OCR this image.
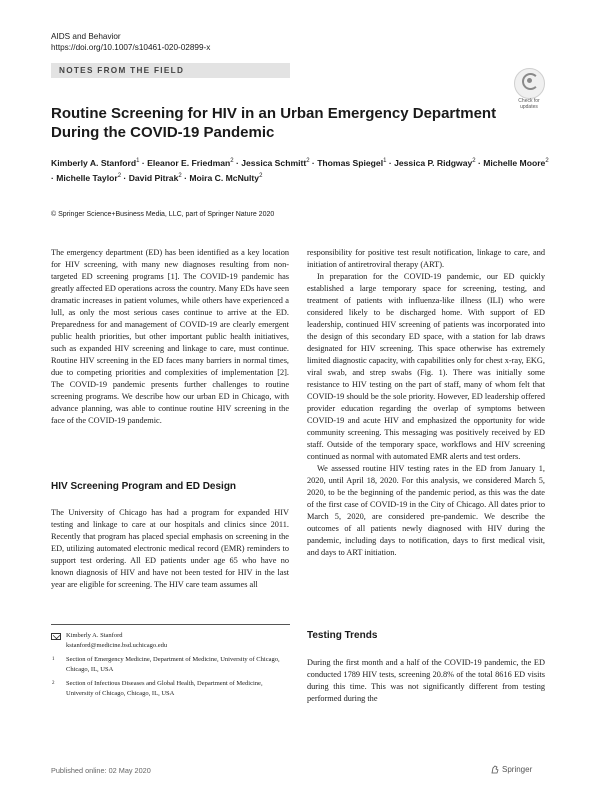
AIDS and Behavior
https://doi.org/10.1007/s10461-020-02899-x
NOTES FROM THE FIELD
Check for updates
Routine Screening for HIV in an Urban Emergency Department During the COVID-19 Pandemic
Kimberly A. Stanford$^1$ · Eleanor E. Friedman$^2$ · Jessica Schmitt$^2$ · Thomas Spiegel$^1$ · Jessica P. Ridgway$^2$ · Michelle Moore$^2$ · Michelle Taylor$^2$ · David Pitrak$^2$ · Moira C. McNulty$^2$
© Springer Science+Business Media, LLC, part of Springer Nature 2020

The emergency department (ED) has been identified as a key location for HIV screening, with many new diagnoses resulting from non-targeted ED screening programs [1]. The COVID-19 pandemic has greatly affected ED operations across the country. Many EDs have seen dramatic increases in patient volumes, while others have experienced a lull, as only the most serious cases continue to arrive at the ED. Preparedness for and management of COVID-19 are clearly emergent public health priorities, but other important public health initiatives, such as expanded HIV screening and linkage to care, must continue. Routine HIV screening in the ED faces many barriers in normal times, due to competing priorities and complexities of implementation [2]. The COVID-19 pandemic presents further challenges to routine screening programs. We describe how our urban ED in Chicago, with advance planning, was able to continue routine HIV screening in the face of the COVID-19 pandemic.

HIV Screening Program and ED Design

The University of Chicago has had a program for expanded HIV testing and linkage to care at our hospitals and clinics since 2011. Recently that program has placed special emphasis on screening in the ED, utilizing automated electronic medical record (EMR) reminders to support test ordering. All ED patients under age 65 who have no known diagnosis of HIV and have not been tested for HIV in the last year are eligible for screening. The HIV care team assumes all

responsibility for positive test result notification, linkage to care, and initiation of antiretroviral therapy (ART).

In preparation for the COVID-19 pandemic, our ED quickly established a large temporary space for screening, testing, and treatment of patients with influenza-like illness (ILI) who were considered likely to be discharged home. With support of ED leadership, continued HIV screening of patients was incorporated into the design of this secondary ED space, with a station for lab draws designated for HIV screening. This space otherwise has extremely limited diagnostic capacity, with capabilities only for chest x-ray, EKG, viral swab, and strep swabs (Fig. 1). There was initially some resistance to HIV testing on the part of staff, many of whom felt that COVID-19 should be the sole priority. However, ED leadership offered provider education regarding the overlap of symptoms between COVID-19 and acute HIV and emphasized the opportunity for wide community screening. This messaging was positively received by ED staff. Outside of the temporary space, workflows and HIV screening continued as normal with automated EMR alerts and test orders.

We assessed routine HIV testing rates in the ED from January 1, 2020, until April 18, 2020. For this analysis, we considered March 5, 2020, to be the beginning of the pandemic period, as this was the date of the first case of COVID-19 in the City of Chicago. All dates prior to March 5, 2020, are considered pre-pandemic. We describe the outcomes of all patients newly diagnosed with HIV during the pandemic, including days to notification, days to first medical visit, and days to ART initiation.

Testing Trends

During the first month and a half of the COVID-19 pandemic, the ED conducted 1789 HIV tests, screening 20.8% of the total 8616 ED visits during this time. This was not significantly different from testing performed during the

Kimberly A. Stanford
kstanford@medicine.bsd.uchicago.edu
1 Section of Emergency Medicine, Department of Medicine, University of Chicago, Chicago, IL, USA
2 Section of Infectious Diseases and Global Health, Department of Medicine, University of Chicago, Chicago, IL, USA
Published online: 02 May 2020	Springer
